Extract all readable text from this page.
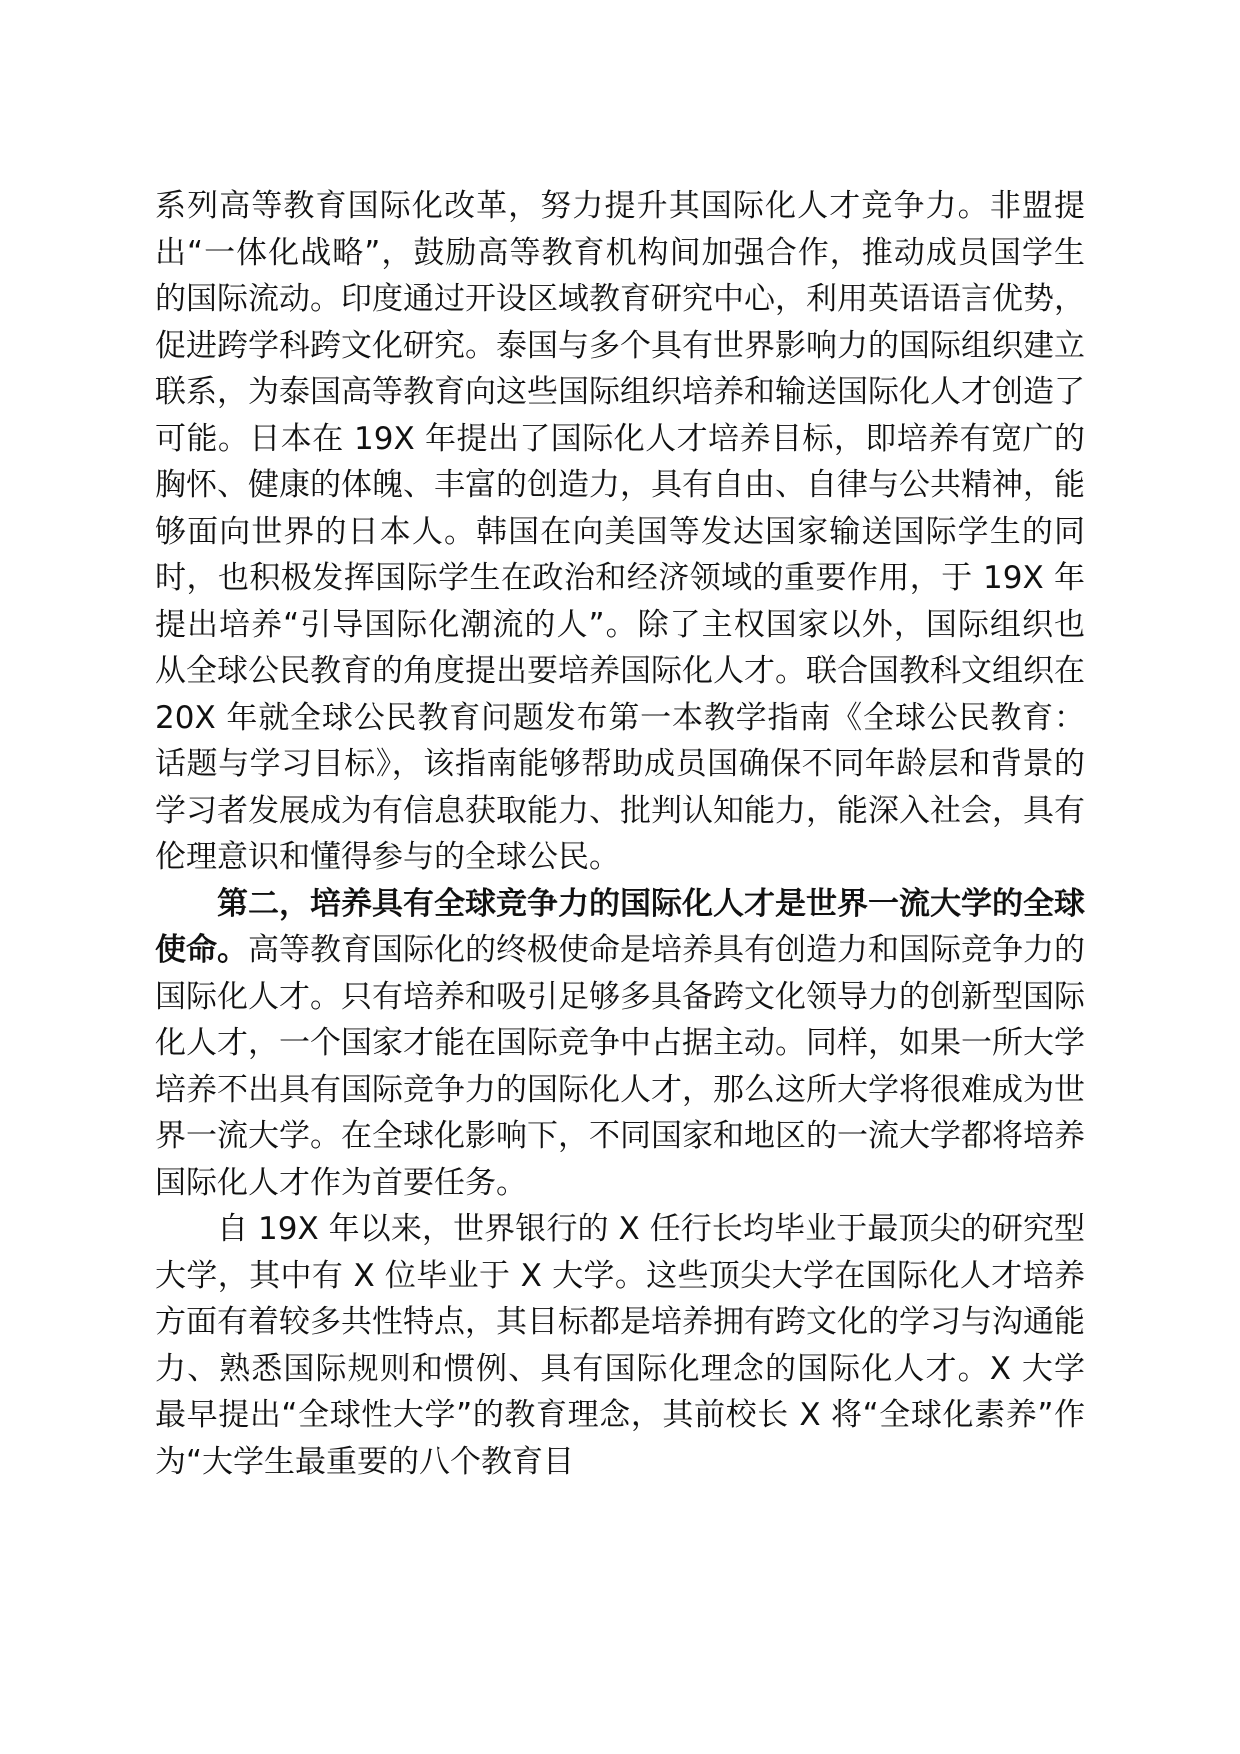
系列高等教育国际化改革，努力提升其国际化人才竞争力。非盟提出“一体化战略”，鼓励高等教育机构间加强合作，推动成员国学生的国际流动。印度通过开设区域教育研究中心，利用英语语言优势，促进跨学科跨文化研究。泰国与多个具有世界影响力的国际组织建立联系，为泰国高等教育向这些国际组织培养和输送国际化人才创造了可能。日本在 19X 年提出了国际化人才培养目标，即培养有宽广的胸怀、健康的体魄、丰富的创造力，具有自由、自律与公共精神，能够面向世界的日本人。韩国在向美国等发达国家输送国际学生的同时，也积极发挥国际学生在政治和经济领域的重要作用，于 19X 年提出培养“引导国际化潮流的人”。除了主权国家以外，国际组织也从全球公民教育的角度提出要培养国际化人才。联合国教科文组织在 20X 年就全球公民教育问题发布第一本教学指南《全球公民教育：话题与学习目标》，该指南能够帮助成员国确保不同年龄层和背景的学习者发展成为有信息获取能力、批判认知能力，能深入社会，具有伦理意识和懂得参与的全球公民。

第二，培养具有全球竞争力的国际化人才是世界一流大学的全球使命。高等教育国际化的终极使命是培养具有创造力和国际竞争力的国际化人才。只有培养和吸引足够多具备跨文化领导力的创新型国际化人才，一个国家才能在国际竞争中占据主动。同样，如果一所大学培养不出具有国际竞争力的国际化人才，那么这所大学将很难成为世界一流大学。在全球化影响下，不同国家和地区的一流大学都将培养国际化人才作为首要任务。

自 19X 年以来，世界银行的 X 任行长均毕业于最顶尖的研究型大学，其中有 X 位毕业于 X 大学。这些顶尖大学在国际化人才培养方面有着较多共性特点，其目标都是培养拥有跨文化的学习与沟通能力、熟悉国际规则和惯例、具有国际化理念的国际化人才。X 大学最早提出“全球性大学”的教育理念，其前校长 X 将“全球化素养”作为“大学生最重要的八个教育目
